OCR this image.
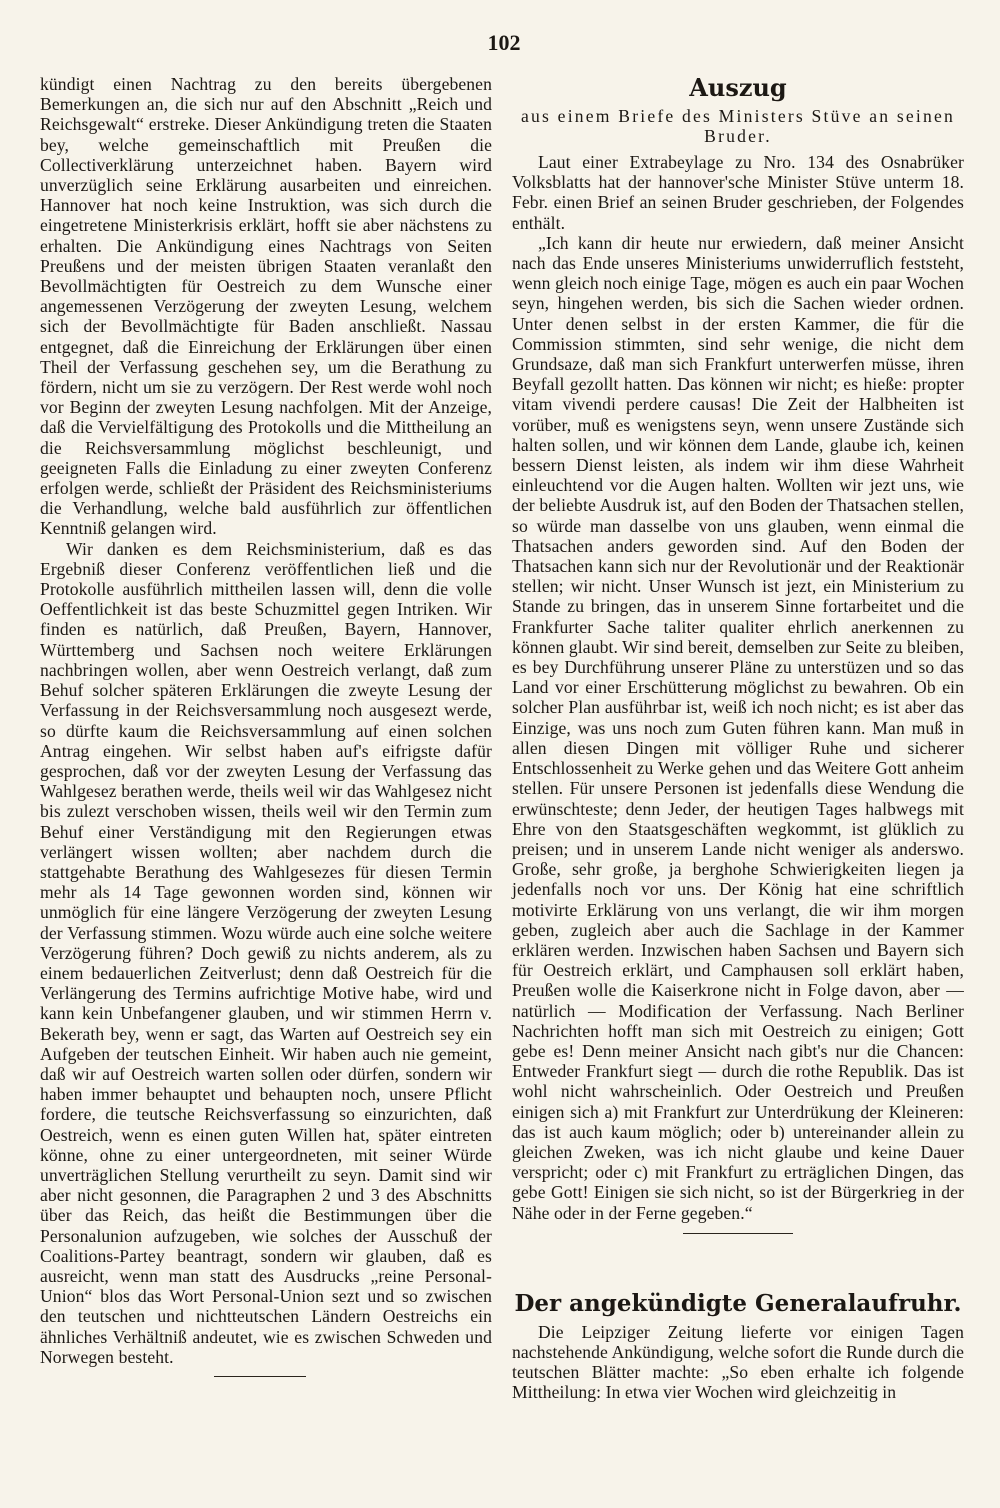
102

kündigt einen Nachtrag zu den bereits übergebenen Bemerkungen an, die sich nur auf den Abschnitt „Reich und Reichsgewalt“ erstreke. Dieser Ankündigung treten die Staaten bey, welche gemeinschaftlich mit Preußen die Collectiverklärung unterzeichnet haben. Bayern wird unverzüglich seine Erklärung ausarbeiten und einreichen. Hannover hat noch keine Instruktion, was sich durch die eingetretene Ministerkrisis erklärt, hofft sie aber nächstens zu erhalten. Die Ankündigung eines Nachtrags von Seiten Preußens und der meisten übrigen Staaten veranlaßt den Bevollmächtigten für Oestreich zu dem Wunsche einer angemessenen Verzögerung der zweyten Lesung, welchem sich der Bevollmächtigte für Baden anschließt. Nassau entgegnet, daß die Einreichung der Erklärungen über einen Theil der Verfassung geschehen sey, um die Berathung zu fördern, nicht um sie zu verzögern. Der Rest werde wohl noch vor Beginn der zweyten Lesung nachfolgen. Mit der Anzeige, daß die Vervielfältigung des Protokolls und die Mittheilung an die Reichsversammlung möglichst beschleunigt, und geeigneten Falls die Einladung zu einer zweyten Conferenz erfolgen werde, schließt der Präsident des Reichsministeriums die Verhandlung, welche bald ausführlich zur öffentlichen Kenntniß gelangen wird.

Wir danken es dem Reichsministerium, daß es das Ergebniß dieser Conferenz veröffentlichen ließ und die Protokolle ausführlich mittheilen lassen will, denn die volle Oeffentlichkeit ist das beste Schuzmittel gegen Intriken. Wir finden es natürlich, daß Preußen, Bayern, Hannover, Württemberg und Sachsen noch weitere Erklärungen nachbringen wollen, aber wenn Oestreich verlangt, daß zum Behuf solcher späteren Erklärungen die zweyte Lesung der Verfassung in der Reichsversammlung noch ausgesezt werde, so dürfte kaum die Reichsversammlung auf einen solchen Antrag eingehen. Wir selbst haben auf's eifrigste dafür gesprochen, daß vor der zweyten Lesung der Verfassung das Wahlgesez berathen werde, theils weil wir das Wahlgesez nicht bis zulezt verschoben wissen, theils weil wir den Termin zum Behuf einer Verständigung mit den Regierungen etwas verlängert wissen wollten; aber nachdem durch die stattgehabte Berathung des Wahlgesezes für diesen Termin mehr als 14 Tage gewonnen worden sind, können wir unmöglich für eine längere Verzögerung der zweyten Lesung der Verfassung stimmen. Wozu würde auch eine solche weitere Verzögerung führen? Doch gewiß zu nichts anderem, als zu einem bedauerlichen Zeitverlust; denn daß Oestreich für die Verlängerung des Termins aufrichtige Motive habe, wird und kann kein Unbefangener glauben, und wir stimmen Herrn v. Bekerath bey, wenn er sagt, das Warten auf Oestreich sey ein Aufgeben der teutschen Einheit. Wir haben auch nie gemeint, daß wir auf Oestreich warten sollen oder dürfen, sondern wir haben immer behauptet und behaupten noch, unsere Pflicht fordere, die teutsche Reichsverfassung so einzurichten, daß Oestreich, wenn es einen guten Willen hat, später eintreten könne, ohne zu einer untergeordneten, mit seiner Würde unverträglichen Stellung verurtheilt zu seyn. Damit sind wir aber nicht gesonnen, die Paragraphen 2 und 3 des Abschnitts über das Reich, das heißt die Bestimmungen über die Personalunion aufzugeben, wie solches der Ausschuß der Coalitions-Partey beantragt, sondern wir glauben, daß es ausreicht, wenn man statt des Ausdrucks „reine Personal-Union“ blos das Wort Personal-Union sezt und so zwischen den teutschen und nichtteutschen Ländern Oestreichs ein ähnliches Verhältniß andeutet, wie es zwischen Schweden und Norwegen besteht.

Auszug
aus einem Briefe des Ministers Stüve an seinen Bruder.

Laut einer Extrabeylage zu Nro. 134 des Osnabrüker Volksblatts hat der hannover'sche Minister Stüve unterm 18. Febr. einen Brief an seinen Bruder geschrieben, der Folgendes enthält.

„Ich kann dir heute nur erwiedern, daß meiner Ansicht nach das Ende unseres Ministeriums unwiderruflich feststeht, wenn gleich noch einige Tage, mögen es auch ein paar Wochen seyn, hingehen werden, bis sich die Sachen wieder ordnen. Unter denen selbst in der ersten Kammer, die für die Commission stimmten, sind sehr wenige, die nicht dem Grundsaze, daß man sich Frankfurt unterwerfen müsse, ihren Beyfall gezollt hatten. Das können wir nicht; es hieße: propter vitam vivendi perdere causas! Die Zeit der Halbheiten ist vorüber, muß es wenigstens seyn, wenn unsere Zustände sich halten sollen, und wir können dem Lande, glaube ich, keinen bessern Dienst leisten, als indem wir ihm diese Wahrheit einleuchtend vor die Augen halten. Wollten wir jezt uns, wie der beliebte Ausdruk ist, auf den Boden der Thatsachen stellen, so würde man dasselbe von uns glauben, wenn einmal die Thatsachen anders geworden sind. Auf den Boden der Thatsachen kann sich nur der Revolutionär und der Reaktionär stellen; wir nicht. Unser Wunsch ist jezt, ein Ministerium zu Stande zu bringen, das in unserem Sinne fortarbeitet und die Frankfurter Sache taliter qualiter ehrlich anerkennen zu können glaubt. Wir sind bereit, demselben zur Seite zu bleiben, es bey Durchführung unserer Pläne zu unterstüzen und so das Land vor einer Erschütterung möglichst zu bewahren. Ob ein solcher Plan ausführbar ist, weiß ich noch nicht; es ist aber das Einzige, was uns noch zum Guten führen kann. Man muß in allen diesen Dingen mit völliger Ruhe und sicherer Entschlossenheit zu Werke gehen und das Weitere Gott anheim stellen. Für unsere Personen ist jedenfalls diese Wendung die erwünschteste; denn Jeder, der heutigen Tages halbwegs mit Ehre von den Staatsgeschäften wegkommt, ist glüklich zu preisen; und in unserem Lande nicht weniger als anderswo. Große, sehr große, ja berghohe Schwierigkeiten liegen ja jedenfalls noch vor uns. Der König hat eine schriftlich motivirte Erklärung von uns verlangt, die wir ihm morgen geben, zugleich aber auch die Sachlage in der Kammer erklären werden. Inzwischen haben Sachsen und Bayern sich für Oestreich erklärt, und Camphausen soll erklärt haben, Preußen wolle die Kaiserkrone nicht in Folge davon, aber — natürlich — Modification der Verfassung. Nach Berliner Nachrichten hofft man sich mit Oestreich zu einigen; Gott gebe es! Denn meiner Ansicht nach gibt's nur die Chancen: Entweder Frankfurt siegt — durch die rothe Republik. Das ist wohl nicht wahrscheinlich. Oder Oestreich und Preußen einigen sich a) mit Frankfurt zur Unterdrükung der Kleineren: das ist auch kaum möglich; oder b) untereinander allein zu gleichen Zweken, was ich nicht glaube und keine Dauer verspricht; oder c) mit Frankfurt zu erträglichen Dingen, das gebe Gott! Einigen sie sich nicht, so ist der Bürgerkrieg in der Nähe oder in der Ferne gegeben.“

Der angekündigte Generalaufruhr.

Die Leipziger Zeitung lieferte vor einigen Tagen nachstehende Ankündigung, welche sofort die Runde durch die teutschen Blätter machte: „So eben erhalte ich folgende Mittheilung: In etwa vier Wochen wird gleichzeitig in
